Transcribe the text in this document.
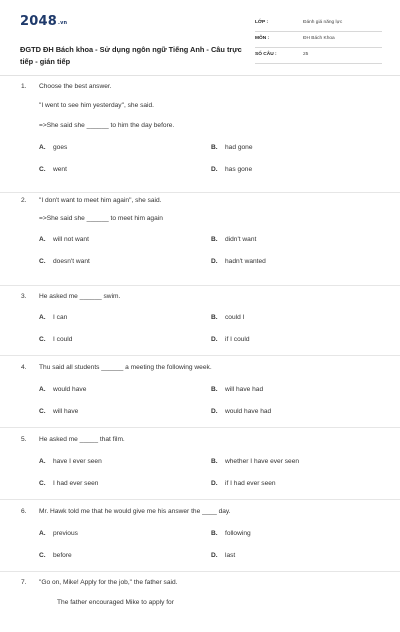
$2048^{.vn}$
ĐGTD ĐH Bách khoa - Sử dụng ngôn ngữ Tiếng Anh - Câu trực tiếp - gián tiếp
LỚP :	Đánh giá năng lực
MÔN :	ĐH Bách Khoa
SỐ CÂU :	25
1. Choose the best answer.
"I went to see him yesterday", she said.
=>She said she ______ to him the day before.
A. goes	B. had gone
C. went	D. has gone
2. "I don't want to meet him again", she said.
=>She said she ______ to meet him again
A. will not want	B. didn't want
C. doesn't want	D. hadn't wanted
3. He asked me ______ swim.
A. I can	B. could I
C. I could	D. if I could
4. Thu said all students ______ a meeting the following week.
A. would have	B. will have had
C. will have	D. would have had
5. He asked me _____ that film.
A. have I ever seen	B. whether I have ever seen
C. I had ever seen	D. if I had ever seen
6. Mr. Hawk told me that he would give me his answer the ____ day.
A. previous	B. following
C. before	D. last
7. "Go on, Mike! Apply for the job," the father said.
The father encouraged Mike to apply for
